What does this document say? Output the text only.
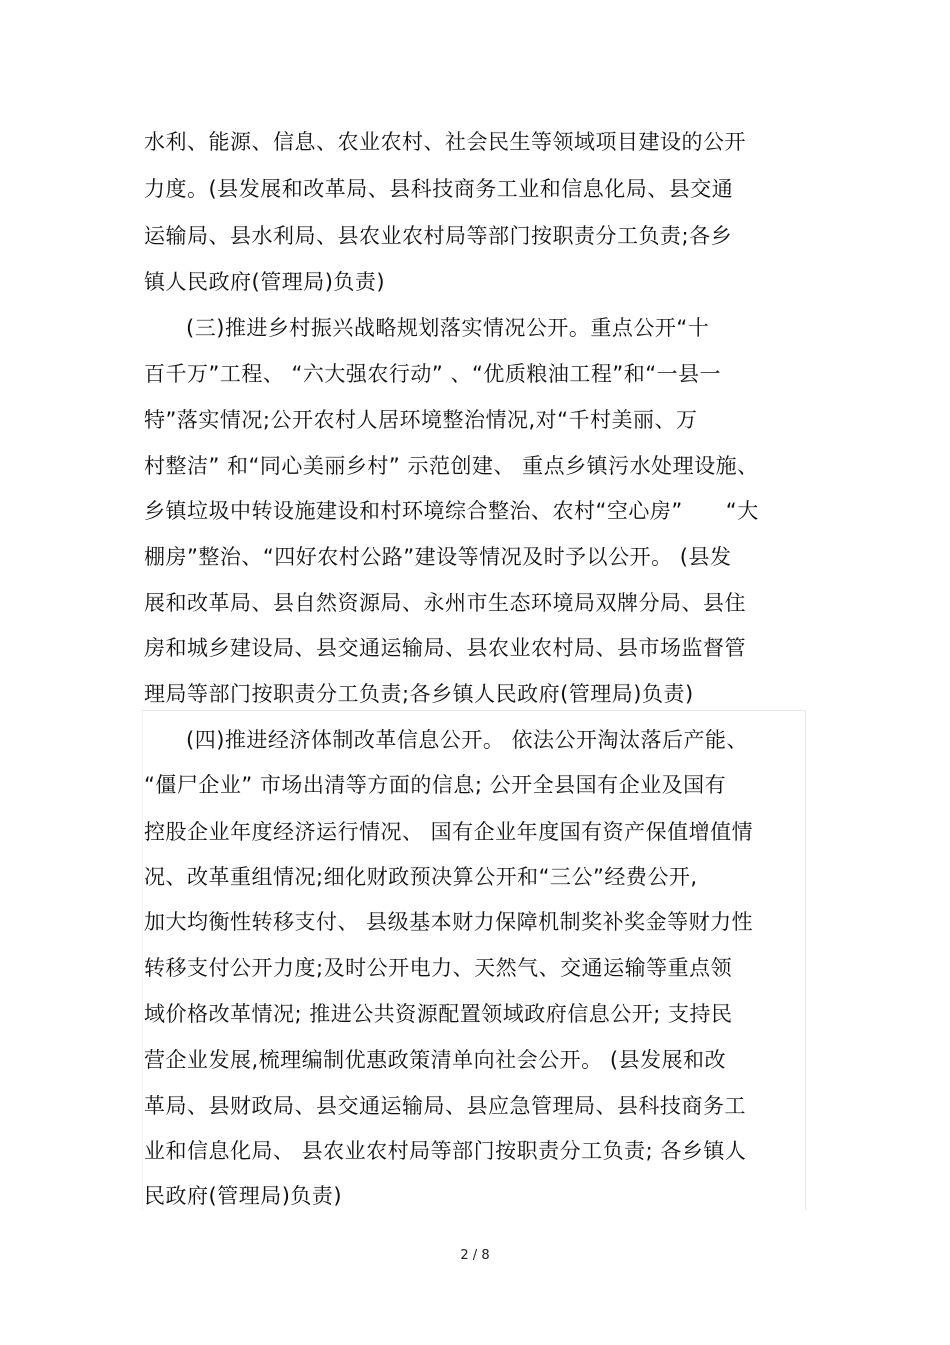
水利、能源、信息、农业农村、社会民生等领域项目建设的公开
力度。(县发展和改革局、县科技商务工业和信息化局、县交通
运输局、县水利局、县农业农村局等部门按职责分工负责;各乡
镇人民政府(管理局)负责)
(三)推进乡村振兴战略规划落实情况公开。重点公开“十
百千万”工程、 “六大强农行动” 、“优质粮油工程”和“一县一
特”落实情况;公开农村人居环境整治情况,对“千村美丽、万
村整洁” 和“同心美丽乡村” 示范创建、 重点乡镇污水处理设施、
乡镇垃圾中转设施建设和村环境综合整治、农村“空心房”      “大
棚房”整治、“四好农村公路”建设等情况及时予以公开。 (县发
展和改革局、县自然资源局、永州市生态环境局双牌分局、县住
房和城乡建设局、县交通运输局、县农业农村局、县市场监督管
理局等部门按职责分工负责;各乡镇人民政府(管理局)负责)
(四)推进经济体制改革信息公开。 依法公开淘汰落后产能、
“僵尸企业” 市场出清等方面的信息; 公开全县国有企业及国有
控股企业年度经济运行情况、 国有企业年度国有资产保值增值情
况、改革重组情况;细化财政预决算公开和“三公”经费公开,
加大均衡性转移支付、 县级基本财力保障机制奖补奖金等财力性
转移支付公开力度;及时公开电力、天然气、交通运输等重点领
域价格改革情况; 推进公共资源配置领域政府信息公开; 支持民
营企业发展,梳理编制优惠政策清单向社会公开。 (县发展和改
革局、县财政局、县交通运输局、县应急管理局、县科技商务工
业和信息化局、 县农业农村局等部门按职责分工负责; 各乡镇人
民政府(管理局)负责)
2 / 8
